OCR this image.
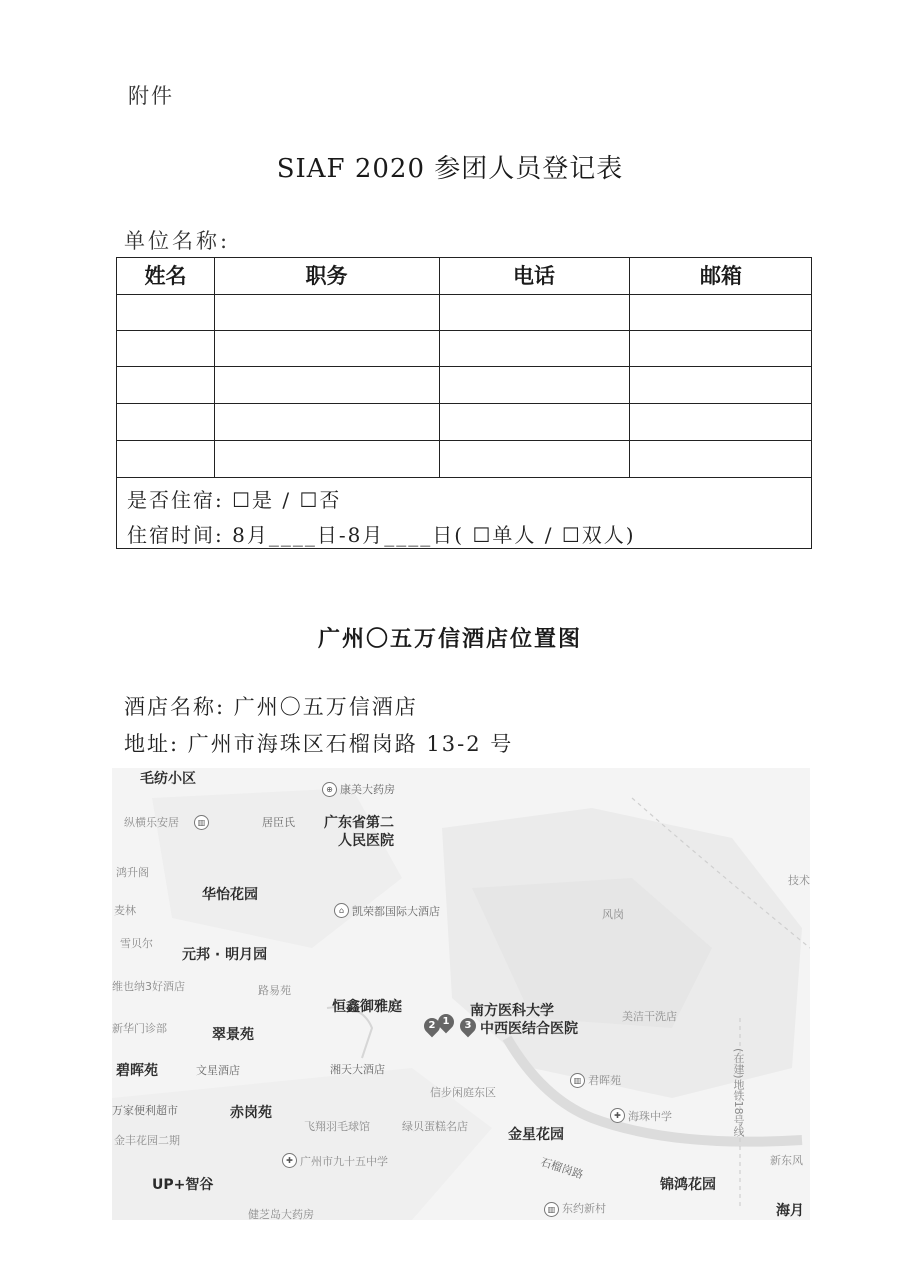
附件
SIAF 2020 参团人员登记表
单位名称:
姓名	职务	电话	邮箱
是否住宿: ☐是 / ☐否
住宿时间: 8月____日-8月____日( ☐单人 / ☐双人)
广州〇五万信酒店位置图
酒店名称: 广州〇五万信酒店
地址: 广州市海珠区石榴岗路 13-2 号
毛纺小区
⊕ 康美大药房
纵横乐安居	▥	居臣氏 广东省第二
人民医院
鸿升阁
华怡花园
⌂ 凯荣都国际大酒店	风岗
麦林
雪贝尔
元邦 · 明月园
维也纳3好酒店	路易苑
恒鑫御雅庭	南方医科大学
中西医结合医院
美洁干洗店
新华门诊部	翠景苑
2 1	3
碧晖苑	文星酒店	湘天大酒店
信步闲庭东区
▥ 君晖苑
万家便利超市	赤岗苑
飞翔羽毛球馆	绿贝蛋糕名店
✚ 海珠中学
金丰花园二期	金星花园
✚ 广州市九十五中学	石榴岗路
UP+智谷	锦鸿花园
健芝岛大药房	▥ 东约新村	海月
新东风
(在建)地铁18号线
技术
